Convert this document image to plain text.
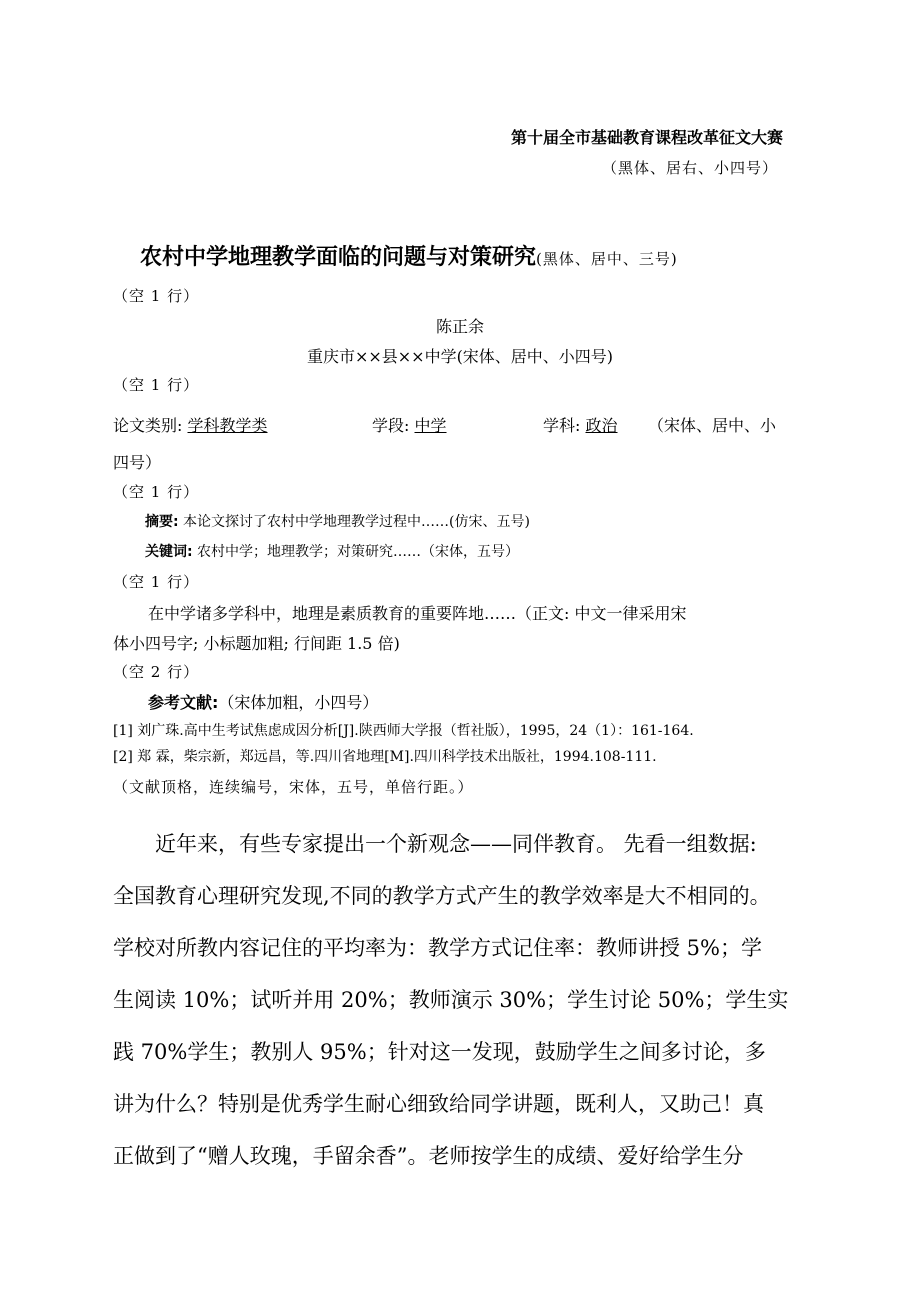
第十届全市基础教育课程改革征文大赛
（黑体、居右、小四号）
农村中学地理教学面临的问题与对策研究(黑体、居中、三号)
（空 1 行）
陈正余
重庆市××县××中学(宋体、居中、小四号)
（空 1 行）
论文类别: 学科教学类	学段: 中学	学科: 政治 （宋体、居中、小
四号）
（空 1 行）
摘要: 本论文探讨了农村中学地理教学过程中……(仿宋、五号)
关键词: 农村中学；地理教学；对策研究……（宋体，五号）
（空 1 行）
在中学诸多学科中，地理是素质教育的重要阵地……（正文: 中文一律采用宋
体小四号字; 小标题加粗; 行间距 1.5 倍)
（空 2 行）
参考文献:（宋体加粗，小四号）
[1] 刘广珠.高中生考试焦虑成因分析[J].陕西师大学报（哲社版），1995，24（1）：161-164.
[2] 郑 霖，柴宗新，郑远昌，等.四川省地理[M].四川科学技术出版社，1994.108-111.
（文献顶格，连续编号，宋体，五号，单倍行距。）
近年来，有些专家提出一个新观念——同伴教育。 先看一组数据:
全国教育心理研究发现,不同的教学方式产生的教学效率是大不相同的。
学校对所教内容记住的平均率为：教学方式记住率：教师讲授 5%；学
生阅读 10%；试听并用 20%；教师演示 30%；学生讨论 50%；学生实
践 70%学生；教别人 95%；针对这一发现，鼓励学生之间多讨论，多
讲为什么？特别是优秀学生耐心细致给同学讲题，既利人，又助己！真
正做到了“赠人玫瑰，手留余香”。老师按学生的成绩、爱好给学生分
